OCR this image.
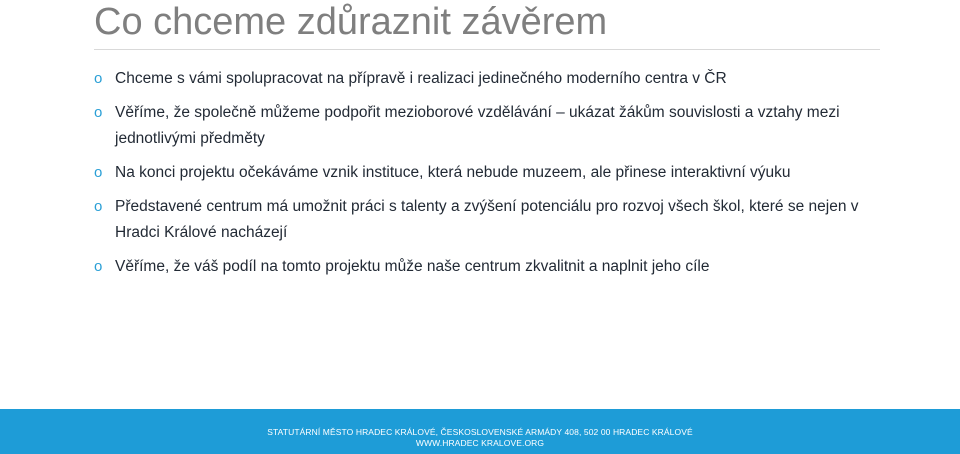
Co chceme zdůraznit závěrem
o Chceme s vámi spolupracovat na přípravě i realizaci jedinečného moderního centra v ČR
o Věříme, že společně můžeme podpořit mezioborové vzdělávání – ukázat žákům souvislosti a vztahy mezi jednotlivými předměty
o Na konci projektu očekáváme vznik instituce, která nebude muzeem, ale přinese interaktivní výuku
o Představené centrum má umožnit práci s talenty a zvýšení potenciálu pro rozvoj všech škol, které se nejen v Hradci Králové nacházejí
o Věříme, že váš podíl na tomto projektu může naše centrum zkvalitnit a naplnit jeho cíle
STATUTÁRNÍ MĚSTO HRADEC KRÁLOVÉ, ČESKOSLOVENSKÉ ARMÁDY 408, 502 00 HRADEC KRÁLOVÉ
WWW.HRADEC KRALOVE.ORG
